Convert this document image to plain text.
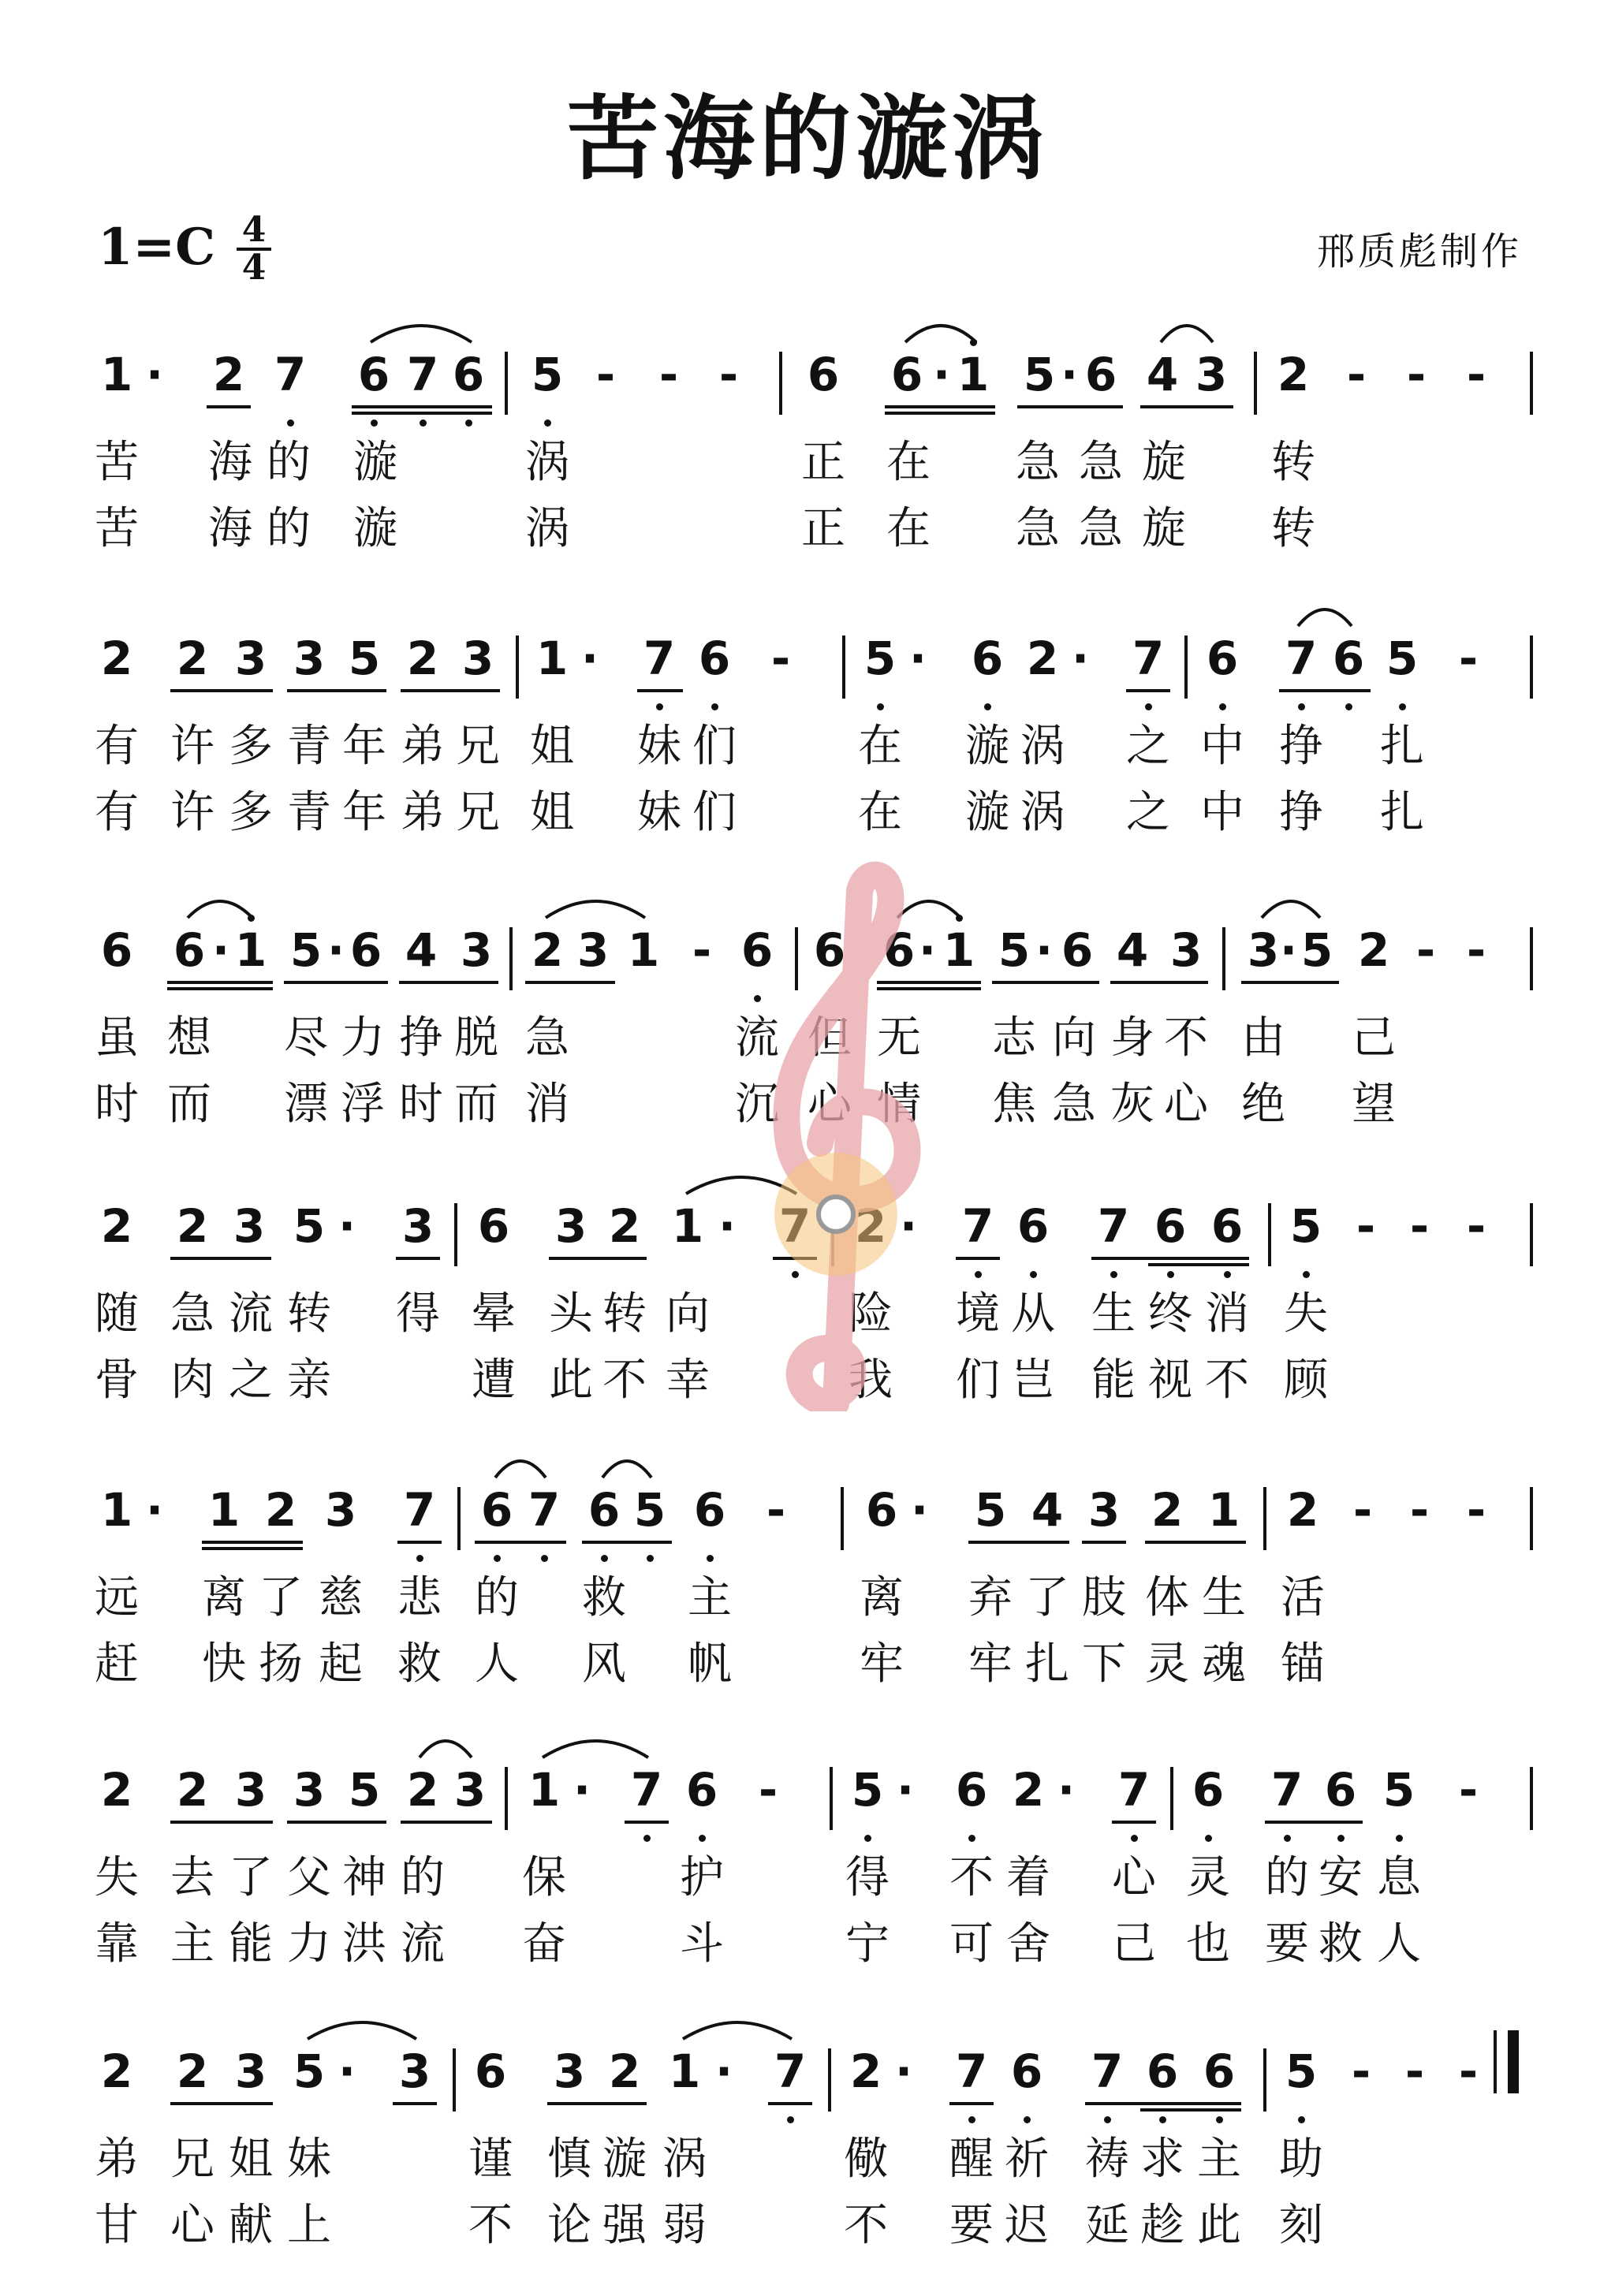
苦海的漩涡
1=C 4
4	邢质彪制作
1 · 2 7 6 7 6 5 - - - 6 6 · 1 5 · 6 4 3 2 - - -
苦 海 的 漩	涡	正 在 急 急 旋 转
苦 海 的 漩	涡	正 在 急 急 旋 转
2 2 3 3 5 2 3 1 · 7 6 - 5 · 6 2 · 7 6 7 6 5 -
有 许 多 青 年 弟 兄 姐 妹 们	在 漩 涡 之 中 挣 扎
有 许 多 青 年 弟 兄 姐 妹 们	在 漩 涡 之 中 挣 扎
6 6 · 1 5 · 6 4 3 2 3 1 - 6 6 6 · 1 5 · 6 4 3 3 · 5 2 - -
虽 想 尽 力 挣 脱 急	流 但 无 志 向 身 不 由 己
时 而 漂 浮 时 而 消	沉 心 情 焦 急 灰 心 绝 望
2 2 3 5 · 3 6 3 2 1 ·	· 7 6 7 6 6 5 - - -
随 急 流 转 得 晕 头 转 向	险 境 从 生 终 消 失
骨 肉 之 亲	遭 此 不 幸	我 们 岂 能 视 不 顾
1 · 1 2 3 7 6 7 6 5 6 - 6 · 5 4 3 2 1 2 - - -
远 离 了 慈 悲 的 救 主	离 弃 了 肢 体 生 活
赶 快 扬 起 救 人 风 帆	牢 牢 扎 下 灵 魂 锚
2 2 3 3 5 2 3 1 · 7 6 - 5 · 6 2 · 7 6 7 6 5 -
失 去 了 父 神 的 保	护	得 不 着 心 灵 的 安 息
靠 主 能 力 洪 流 奋	斗	宁 可 舍 己 也 要 救 人
2 2 3 5 · 3 6 3 2 1 · 7 2 · 7 6 7 6 6 5 - - -
弟 兄 姐 妹	谨 慎 漩 涡	儆 醒 祈 祷 求 主 助
甘 心 献 上	不 论 强 弱	不 要 迟 延 趁 此 刻
